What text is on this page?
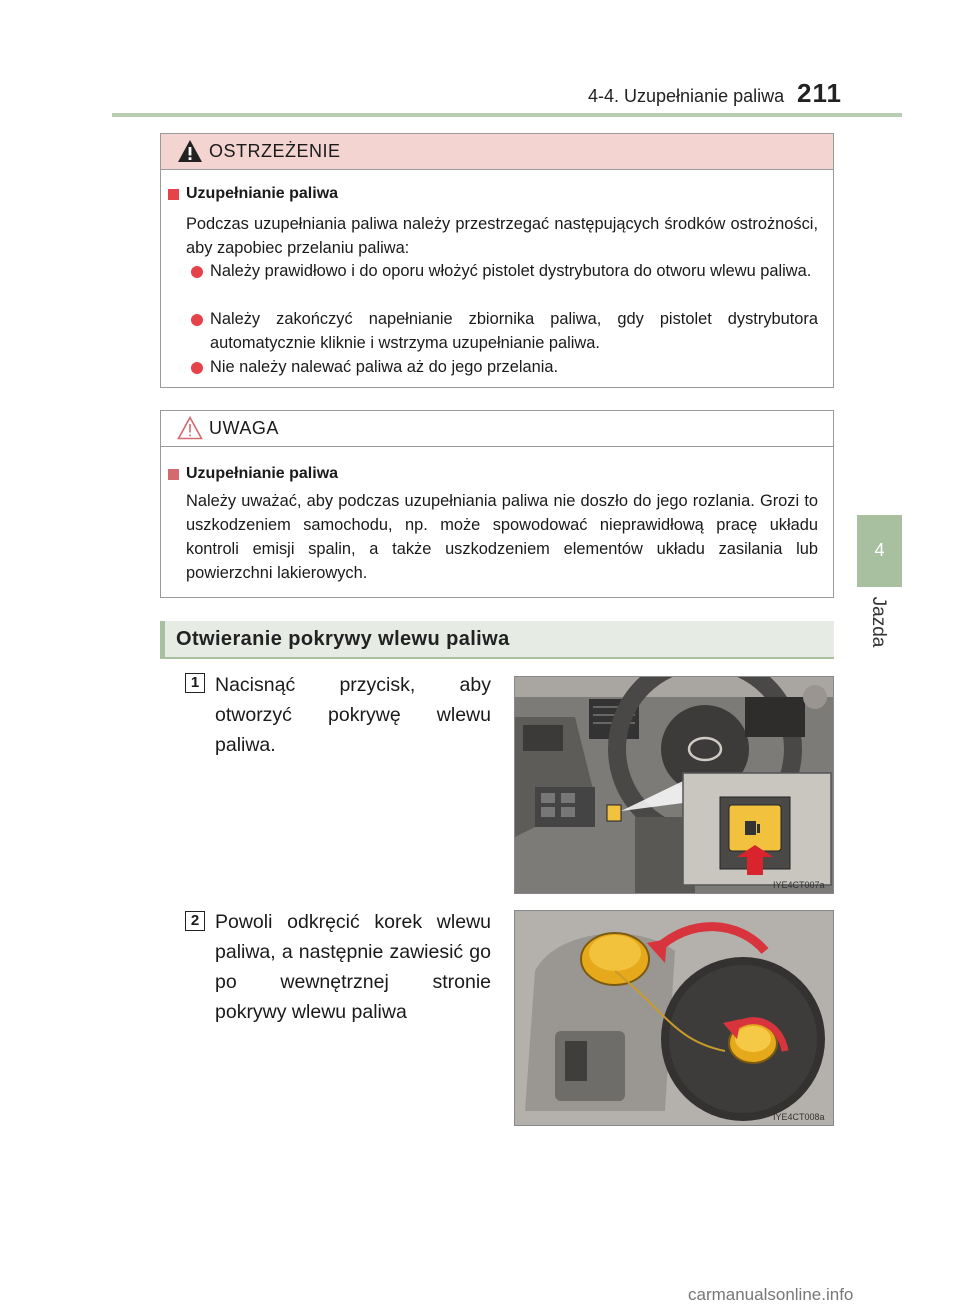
4-4. Uzupełnianie paliwa 211
4
Jazda
OSTRZEŻENIE
Uzupełnianie paliwa
Podczas uzupełniania paliwa należy przestrzegać następujących środków ostrożności, aby zapobiec przelaniu paliwa:
Należy prawidłowo i do oporu włożyć pistolet dystrybutora do otworu wlewu paliwa.
Należy zakończyć napełnianie zbiornika paliwa, gdy pistolet dystrybutora automatycznie kliknie i wstrzyma uzupełnianie paliwa.
Nie należy nalewać paliwa aż do jego przelania.
UWAGA
Uzupełnianie paliwa
Należy uważać, aby podczas uzupełniania paliwa nie doszło do jego rozlania. Grozi to uszkodzeniem samochodu, np. może spowodować nieprawidłową pracę układu kontroli emisji spalin, a także uszkodzeniem elementów układu zasilania lub powierzchni lakierowych.
Otwieranie pokrywy wlewu paliwa
1 Nacisnąć przycisk, aby otworzyć pokrywę wlewu paliwa.
IYE4CT007a
2 Powoli odkręcić korek wlewu paliwa, a następnie zawiesić go po wewnętrznej stronie pokrywy wlewu paliwa
IYE4CT008a
carmanualsonline.info
